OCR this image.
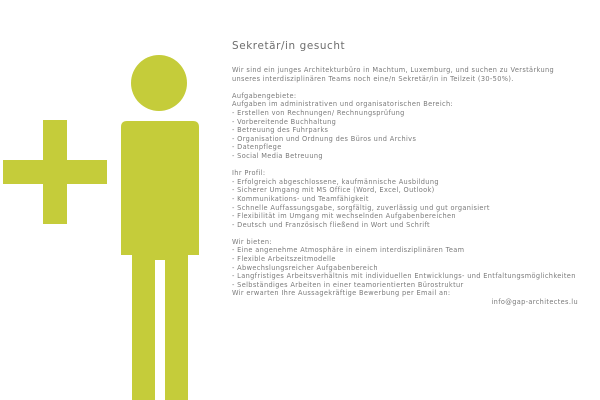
Sekretär/in gesucht

Wir sind ein junges Architekturbüro in Machtum, Luxemburg, und suchen zu Verstärkung unseres interdisziplinären Teams noch eine/n Sekretär/in in Teilzeit (30-50%).

Aufgabengebiete:

Aufgaben im administrativen und organisatorischen Bereich:

- Erstellen von Rechnungen/ Rechnungsprüfung
- Vorbereitende Buchhaltung
- Betreuung des Fuhrparks
- Organisation und Ordnung des Büros und Archivs
- Datenpflege
- Social Media Betreuung

Ihr Profil:

- Erfolgreich abgeschlossene, kaufmännische Ausbildung
- Sicherer Umgang mit MS Office (Word, Excel, Outlook)
- Kommunikations- und Teamfähigkeit
- Schnelle Auffassungsgabe, sorgfältig, zuverlässig und gut organisiert
- Flexibilität im Umgang mit wechselnden Aufgabenbereichen
- Deutsch und Französisch fließend in Wort und Schrift

Wir bieten:

- Eine angenehme Atmosphäre in einem interdisziplinären Team
- Flexible Arbeitszeitmodelle
- Abwechslungsreicher Aufgabenbereich
- Langfristiges Arbeitsverhältnis mit individuellen Entwicklungs- und Entfaltungsmöglichkeiten
- Selbständiges Arbeiten in einer teamorientierten Bürostruktur

Wir erwarten Ihre Aussagekräftige Bewerbung per Email an:

info@gap-architectes.lu
